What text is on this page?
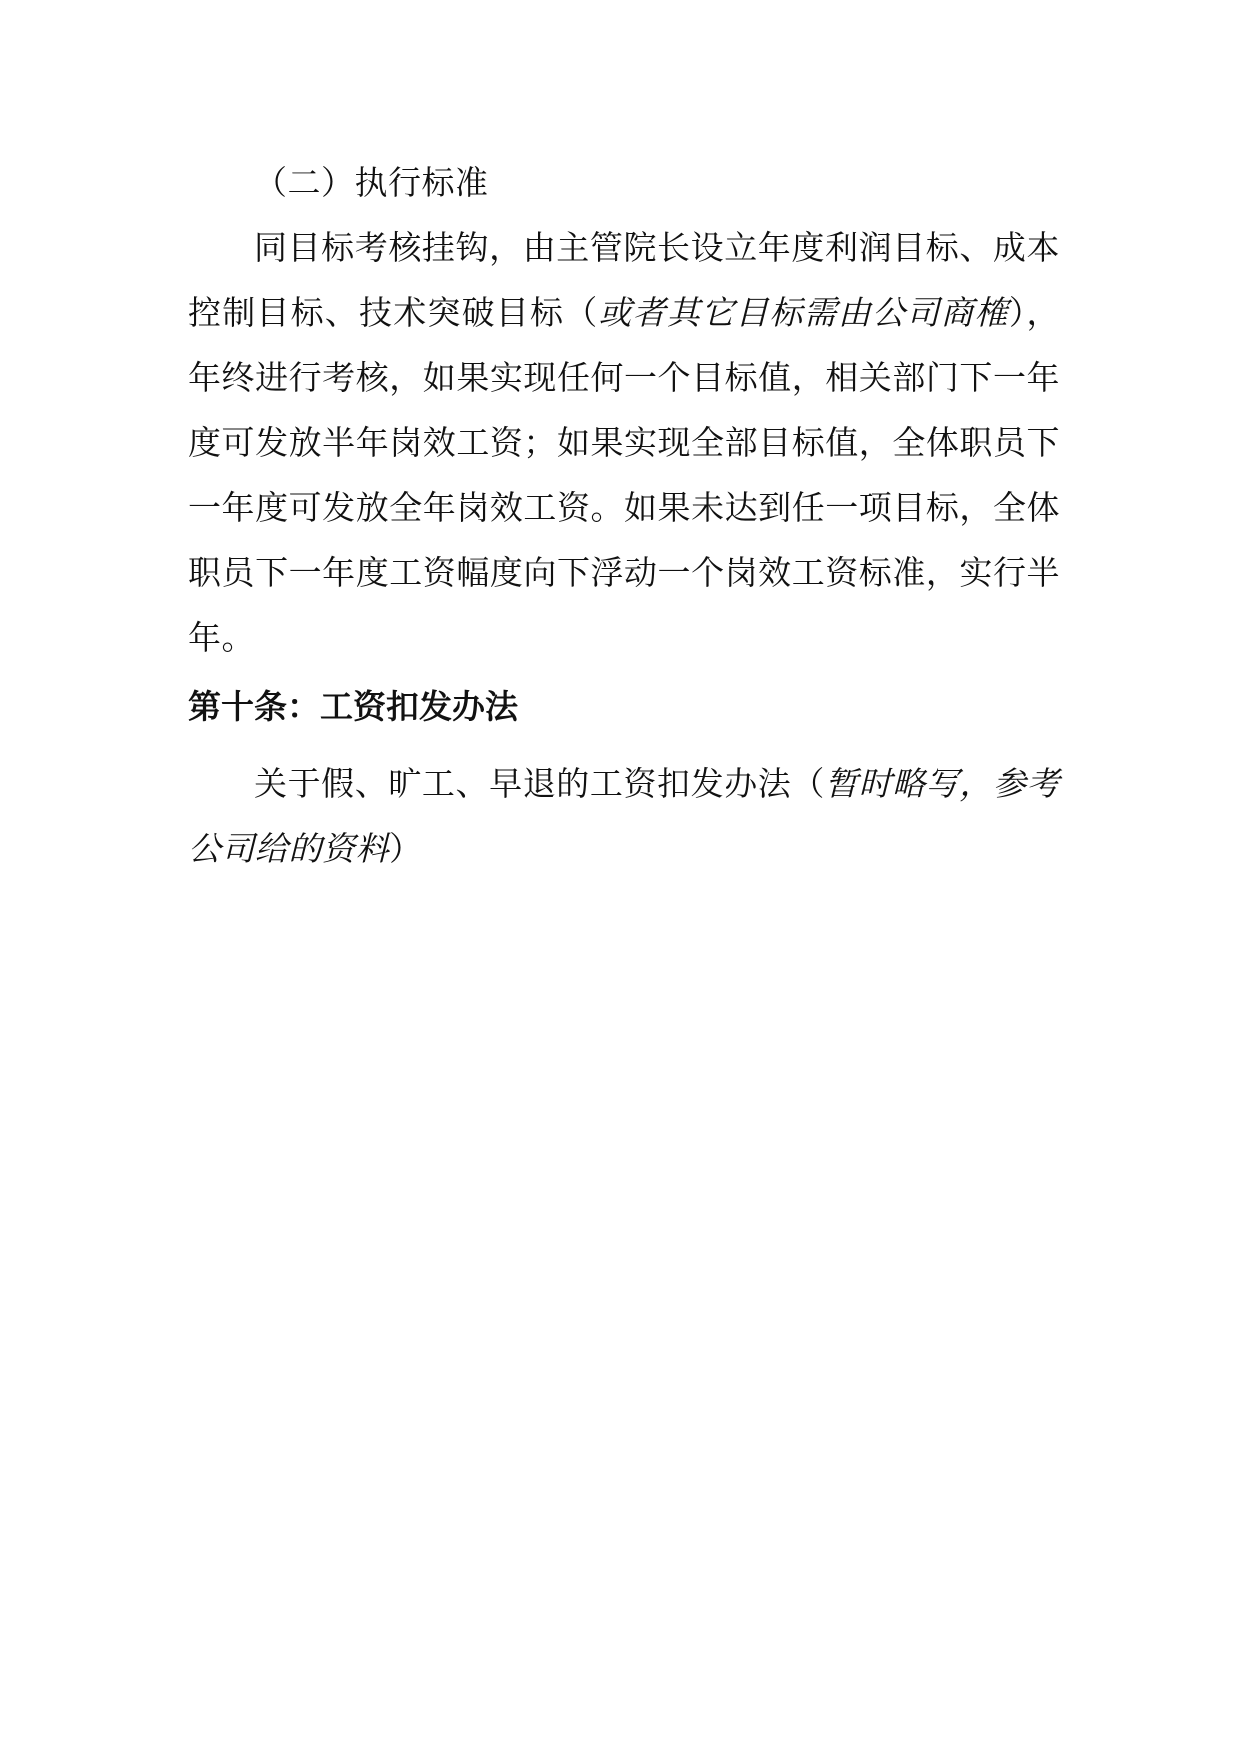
（二）执行标准

同目标考核挂钩，由主管院长设立年度利润目标、成本控制目标、技术突破目标（或者其它目标需由公司商榷），年终进行考核，如果实现任何一个目标值，相关部门下一年度可发放半年岗效工资；如果实现全部目标值，全体职员下一年度可发放全年岗效工资。如果未达到任一项目标，全体职员下一年度工资幅度向下浮动一个岗效工资标准，实行半年。

第十条：工资扣发办法

关于假、旷工、早退的工资扣发办法（暂时略写，参考公司给的资料）
